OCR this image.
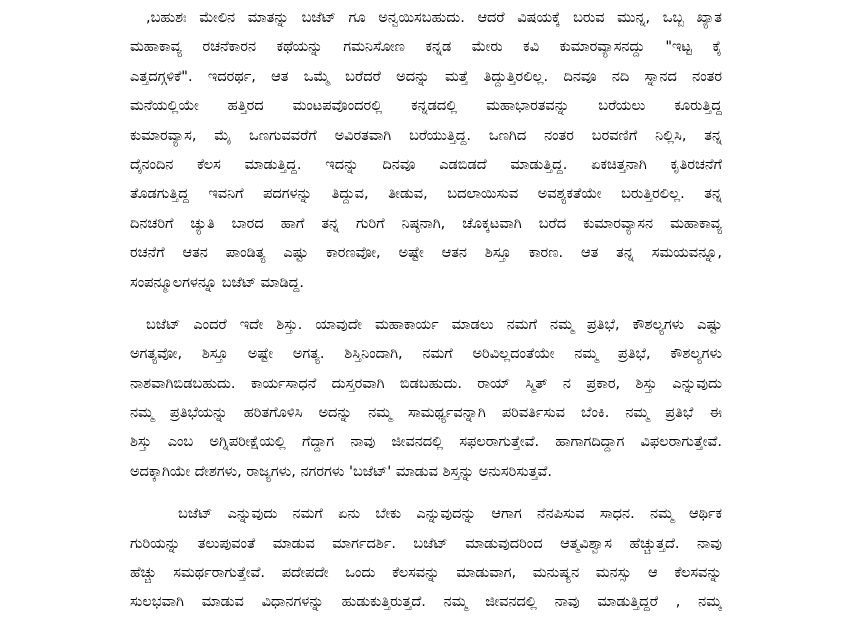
,ಬಹುಶಃ ಮೇಲಿನ ಮಾತನ್ನು ಬಜೆಟ್ ಗೂ ಅನ್ವಯಿಸಬಹುದು. ಆದರೆ ವಿಷಯಕ್ಕೆ ಬರುವ ಮುನ್ನ, ಒಬ್ಬ ಖ್ಯಾತ
ಮಹಾಕಾವ್ಯ ರಚನೆಕಾರನ ಕಥೆಯನ್ನು ಗಮನಿಸೋಣ ಕನ್ನಡ ಮೇರು ಕವಿ ಕುಮಾರವ್ಯಾಸನದ್ದು "ಇಟ್ಟ ಕೈ
ಎತ್ತದಗ್ಗಳಿಕೆ". ಇದರರ್ಥ, ಆತ ಒಮ್ಮೆ ಬರೆದರೆ ಅದನ್ನು ಮತ್ತೆ ತಿದ್ದುತ್ತಿರಲಿಲ್ಲ. ದಿನವೂ ನದಿ ಸ್ನಾನದ ನಂತರ
ಮನೆಯಲ್ಲಿಯೇ ಹತ್ತಿರದ ಮಂಟಪವೊಂದರಲ್ಲಿ ಕನ್ನಡದಲ್ಲಿ ಮಹಾಭಾರತವನ್ನು ಬರೆಯಲು ಕೂರುತ್ತಿದ್ದ
ಕುಮಾರವ್ಯಾಸ, ಮೈ ಒಣಗುವವರೆಗೆ ಅವಿರತವಾಗಿ ಬರೆಯುತ್ತಿದ್ದ. ಒಣಗಿದ ನಂತರ ಬರವಣಿಗೆ ನಿಲ್ಲಿಸಿ, ತನ್ನ
ದೈನಂದಿನ ಕೆಲಸ ಮಾಡುತ್ತಿದ್ದ. ಇದನ್ನು ದಿನವೂ ಎಡಬಿಡದೆ ಮಾಡುತ್ತಿದ್ದ. ಏಕಚಿತ್ತನಾಗಿ ಕೃತಿರಚನೆಗೆ
ತೊಡಗುತ್ತಿದ್ದ ಇವನಿಗೆ ಪದಗಳನ್ನು ತಿದ್ದುವ, ತೀಡುವ, ಬದಲಾಯಿಸುವ ಅವಶ್ಯಕತೆಯೇ ಬರುತ್ತಿರಲಿಲ್ಲ. ತನ್ನ
ದಿನಚರಿಗೆ ಚ್ಯುತಿ ಬಾರದ ಹಾಗೆ ತನ್ನ ಗುರಿಗೆ ನಿಷ್ಠನಾಗಿ, ಚೊಕ್ಕಟವಾಗಿ ಬರೆದ ಕುಮಾರವ್ಯಾಸನ ಮಹಾಕಾವ್ಯ
ರಚನೆಗೆ ಆತನ ಪಾಂಡಿತ್ಯ ಎಷ್ಟು ಕಾರಣವೋ, ಅಷ್ಟೇ ಆತನ ಶಿಸ್ತೂ ಕಾರಣ. ಆತ ತನ್ನ ಸಮಯವನ್ನೂ,
ಸಂಪನ್ಮೂಲಗಳನ್ನೂ ಬಜೆಟ್ ಮಾಡಿದ್ದ.
ಬಜೆಟ್ ಎಂದರೆ ಇದೇ ಶಿಸ್ತು. ಯಾವುದೇ ಮಹಾಕಾರ್ಯ ಮಾಡಲು ನಮಗೆ ನಮ್ಮ ಪ್ರತಿಭೆ, ಕೌಶಲ್ಯಗಳು ಎಷ್ಟು
ಅಗತ್ಯವೋ, ಶಿಸ್ತೂ ಅಷ್ಟೇ ಅಗತ್ಯ. ಶಿಸ್ತಿನಿಂದಾಗಿ, ನಮಗೆ ಅರಿವಿಲ್ಲದಂತೆಯೇ ನಮ್ಮ ಪ್ರತಿಭೆ, ಕೌಶಲ್ಯಗಳು
ನಾಶವಾಗಿಬಿಡಬಹುದು. ಕಾರ್ಯಸಾಧನೆ ದುಸ್ತರವಾಗಿ ಬಿಡಬಹುದು. ರಾಯ್ ಸ್ಮಿತ್ ನ ಪ್ರಕಾರ, ಶಿಸ್ತು ಎನ್ನುವುದು
ನಮ್ಮ ಪ್ರತಿಭೆಯನ್ನು ಹರಿತಗೊಳಿಸಿ ಅದನ್ನು ನಮ್ಮ ಸಾಮರ್ಥ್ಯವನ್ನಾಗಿ ಪರಿವರ್ತಿಸುವ ಬೆಂಕಿ. ನಮ್ಮ ಪ್ರತಿಭೆ ಈ
ಶಿಸ್ತು ಎಂಬ ಅಗ್ನಿಪರೀಕ್ಷೆಯಲ್ಲಿ ಗೆದ್ದಾಗ ನಾವು ಜೀವನದಲ್ಲಿ ಸಫಲರಾಗುತ್ತೇವೆ. ಹಾಗಾಗದಿದ್ದಾಗ ವಿಫಲರಾಗುತ್ತೇವೆ.
ಅದಕ್ಕಾಗಿಯೇ ದೇಶಗಳು, ರಾಜ್ಯಗಳು, ನಗರಗಳು 'ಬಜೆಟ್' ಮಾಡುವ ಶಿಸ್ತನ್ನು ಅನುಸರಿಸುತ್ತವೆ.
ಬಜೆಟ್ ಎನ್ನುವುದು ನಮಗೆ ಏನು ಬೇಕು ಎನ್ನುವುದನ್ನು ಆಗಾಗ ನೆನಪಿಸುವ ಸಾಧನ. ನಮ್ಮ ಆರ್ಥಿಕ
ಗುರಿಯನ್ನು ತಲುಪುವಂತೆ ಮಾಡುವ ಮಾರ್ಗದರ್ಶಿ. ಬಜೆಟ್ ಮಾಡುವುದರಿಂದ ಆತ್ಮವಿಶ್ವಾಸ ಹೆಚ್ಚುತ್ತದೆ. ನಾವು
ಹೆಚ್ಚು ಸಮರ್ಥರಾಗುತ್ತೇವೆ. ಪದೇಪದೇ ಒಂದು ಕೆಲಸವನ್ನು ಮಾಡುವಾಗ, ಮನುಷ್ಯನ ಮನಸ್ಸು ಆ ಕೆಲಸವನ್ನು
ಸುಲಭವಾಗಿ ಮಾಡುವ ವಿಧಾನಗಳನ್ನು ಹುಡುಕುತ್ತಿರುತ್ತದೆ. ನಮ್ಮ ಜೀವನದಲ್ಲಿ ನಾವು ಮಾಡುತ್ತಿದ್ದರೆ , ನಮ್ಮ
